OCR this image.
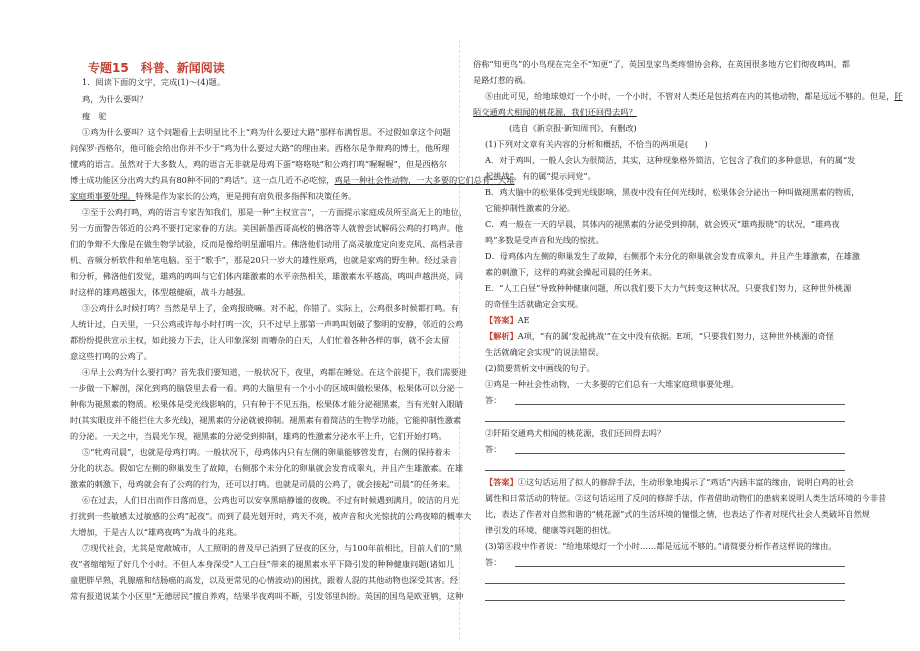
专题15　科普、新闻阅读
1．阅读下面的文字，完成(1)～(4)题。
鸡，为什么要叫？
瘦　驼
①鸡为什么要叫？这个问题看上去明显比不上“鸡为什么要过大路”那样布满哲思。不过假如拿这个问题
问保罗·西格尔，他可能会给出你并不少于“鸡为什么要过大路”的理由来。西格尔是争辩鸡的博士，他所理
懂鸡的语言。虽然对于大多数人，鸡的语言无非就是母鸡下蛋“咯咯哒”和公鸡打鸣“喔喔喔”，但是西格尔
博士成功能区分出鸡大约具有80种不同的“鸡话”。这一点几近不必吃惊，鸡是一种社会性动物，一大多要的它们总有一大堆
家庭琐事要处理。特殊是作为家长的公鸡，更是拥有肩负很多指挥和决策任务。
②至于公鸡打鸣，鸡的语言专家告知我们，那是一种“主权宣言”，一方面提示家庭成员所至高无上的地位，
另一方面警告邻近的公鸡不要打定家眷的方法。美国新墨西哥高校的佛洛等人就曾尝试解码公鸡的打鸣声。他
们的争辩不大像是在做生物学试验，反而是像给明星灌唱片。佛洛他们动用了高灵敏度定向麦克风、高档录音
机、音频分析软件和单笔电脑。至于“歌手”，那是20只一岁大的雄性原鸡，也就是家鸡的野生种。经过录音
和分析，佛洛他们发觉，雄鸡的鸣叫与它们体内雄激素的水平亲热相关，雄激素水平越高，鸣叫声越洪亮，同
时这样的雄鸡越强大，体型越健硕，战斗力越强。
③公鸡什么时候打鸣？当然是早上了，金鸡报晓嘛。对不起，你错了。实际上，公鸡很多时候都打鸣。有
人统计过，白天里，一只公鸡或许每小时打鸣一次，只不过早上那第一声鸣叫划破了黎明的安静，邻近的公鸡
都纷纷提供宣示主权，如此接力下去，让人印象深刻 而嘈杂的白天，人们忙着各种各样的事，就不会太留
意这些打鸣的公鸡了。
④早上公鸡为什么要打鸣？首先我们要知道，一般状况下，夜里，鸡都在睡觉。在这个前提下，我们需要进
一步做一下解剖，深化到鸡的脑袋里去看一看。鸡的大脑里有一个小小的区域叫做松果体，松果体可以分泌一
种称为褪黑素的物质。松果体是受光线影响的，只有种于不见五指，松果体才能分泌褪黑素，当有光射入眼睛
时(其实眼皮并不能拦住大多光线)，褪黑素的分泌就被抑制。褪黑素有着简洁的生物学功能，它能抑制性激素
的分泌。一天之中，当晨光乍现，褪黑素的分泌受到抑制，雄鸡的性激素分泌水平上升，它们开始打鸣。
⑤“牝鸡司晨”，也就是母鸡打鸣。一般状况下，母鸡体内只有左侧的卵巢能够管发育，右侧的保持着未
分化的状态。假如它左侧的卵巢发生了故障，右侧那个未分化的卵巢就会发育成睾丸，并且产生雄激素。在雄
激素的刺激下，母鸡就会有了公鸡的行为，还可以打鸣。也就是司晨的公鸡了，就会接起“司晨”的任务来。
⑥在过去，人们日出而作日落而息，公鸡也可以安享黑暗静谧的夜晚。不过有时候遇到满月，皎洁的月光
打扰到一些敏感太过敏感的公鸡“起夜”。而到了晨光划开时，鸡天不亮，被声音和火光惊扰的公鸡夜啼的概率大
大增加，于是古人以“雄鸡夜鸣”为战斗的兆兆。
⑦现代社会，尤其是宽敞城市，人工照明的普及早已消到了昼夜的区分，与100年前相比，目前人们的“黑
夜”者缩缩短了好几个小时。不但人本身深受“人工白昼”带来的褪黑素水平下降引发的种种健康问题(诸如儿
童肥胖早熟，乳腺癌和结肠癌的高发，以及更常见的心情波动)的困扰，跟着人混的其他动物也深受其害。经
常有报道说某个小区里“无德居民”擅自养鸡，结果半夜鸡叫不断，引发邻里纠纷。英国的国鸟是欧亚鸲，这种
俗称“知更鸟”的小鸟现在完全不“知更”了，英国皇家鸟类疼惜协会称，在英国很多地方它们彻夜鸣叫，都
是路灯惹的祸。
⑧由此可见，给地球熄灯一个小时，一个小时，不管对人类还是包括鸡在内的其他动物，都是远远不够的。但是，阡
陌交通鸡犬相闻的桃花源，我们还回得去吗？
(选自《新京报·新知周刊》，有删改)
(1)下列对文章有关内容的分析和概括，不恰当的两项是(　　)
A．对于鸡叫，一般人会认为很简洁，其实，这种现象格外简洁，它包含了我们的多种意思，有的属“发
起挑战”，有的属“提示同党”。
B．鸡大脑中的松果体受到光线影响，黑夜中没有任何光线时，松果体会分泌出一种叫做褪黑素的物质，
它能抑制性激素的分泌。
C．鸡一般在一天的早晨，其体内的褪黑素的分泌受到抑制，就会毁灭“雄鸡报晓”的状况，“雄鸡夜
鸣”多数是受声音和光线的惊扰。
D．母鸡体内左侧的卵巢发生了故障，右侧那个未分化的卵巢就会发育成睾丸，并且产生雄激素，在雄激
素的刺激下，这样的鸡就会操起司晨的任务来。
E．“人工白昼”导致种种健康问题，所以我们要下大力气转变这种状况，只要我们努力，这种世外桃源
的奇怪生活就确定会实现。
【答案】AE
【解析】A项，“有的属‘发起挑战’”在文中没有依据。E项，“只要我们努力，这种世外桃源的奇怪
生活就确定会实现”的说法错误。
(2)简要赏析文中画线的句子。
①鸡是一种社会性动物，一大多要的它们总有一大堆家庭琐事要处理。
答：
②阡陌交通鸡犬相闻的桃花源，我们还回得去吗？
答：
【答案】①这句话运用了拟人的修辞手法，生动形象地揭示了“鸡话”内涵丰富的缘由，说明白鸡的社会
属性和日常活动的特征。②这句话运用了反问的修辞手法，作者借助动物们的患病来说明人类生活环境的今非昔
比，表达了作者对自然和谐的“桃花源”式的生活环境的憧憬之情，也表达了作者对现代社会人类破坏自然规
律引发的环境、健康等问题的担忧。
(3)第⑧段中作者说：“给地球熄灯一个小时……都是远远不够的。”请简要分析作者这样说的缘由。
答：
